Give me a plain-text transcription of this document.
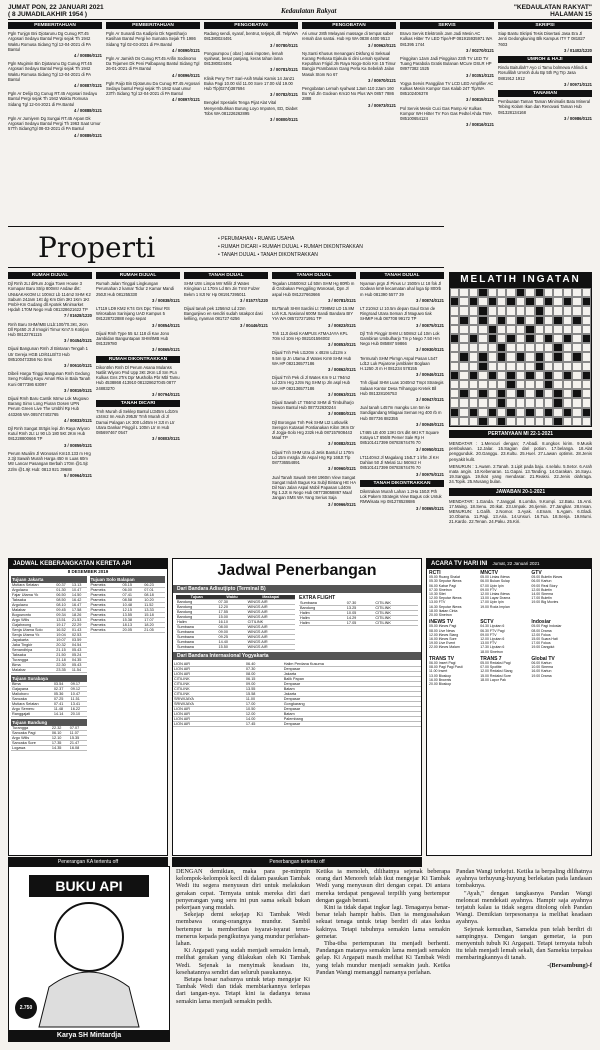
JUMAT PON, 22 JANUARI 2021
( 8 JUMADILAKHIR 1954 )	Kedaulatan Rakyat	"KEDAULATAN RAKYAT"
HALAMAN 15
PEMBERITAHUAN
Pgln Tunjgn Bni Djotarunu Dg Cunug RT.45 Argosari Sedayu Bantul Pergi sejak Th 1942 Waktu Romusa Sidang Tgl 12-04-2021 di PA Bantul
4 / 00886/0121
Pgln Mugimin Bin Djotarunu Dg Cunug RT.45 Argosari Sedayu Bantul Pergi sejak Th 1942 Waktu Romusa Sidang Tgl 12-04-2021 di PA Bantul
4 / 00887/0121
Pgln Ar Delijo Dg Cunug RT.45 Argosari Sedayu Bantul Pergi sejak Th 1942 Waktu Romusa Sidang Tgl 12-04-2021 di PA Bantul
4 / 00888/0121
Pgln Ar Jumiyem Dg Sungai RT.45 Arpan Dk Argosari Sedayu Bantul Pergi Th 1963 Saat Umur 57Th SidangTgl 08-03-2021 di PA Bantul
4 / 00889/0121
PEMBERITAHUAN
Pgln Ar Sunardi Da Kadiprio Dk Ngestiharjo Kasihan Bantul Pergi ke Sumatra Sejak Th 1986 Sidang Tgl 02-03-2021 di PA Bantul
4 / 00890/0121
Pgln Ar Jamish Ds Cunug RT.45 Arifin Sodinomo Da Tejamen Dk Peni Palbapang Bantul Sidang Tgl 26-01-2021 di PA Bantul
4 / 00896/0121
Pgln Paijo Bin Djotarunu Da Cunug RT.45 Argosari Sedayu bantul Pergi sejak Th 1942 saat umur 23Th Sidang Tgl 12-04-2021 di PA Bantul
4 / 00897/0121
PENGOBATAN
Radang sendi, syaraf, bentrut, terjepit, dll. Telp/WA 081380024491
3 / 00780/0121
Pongoumpou ( obat ) atasi impoten, lemah syahwat, besar panjang, keras tahan lama 081380024491
3 / 00781/0121
Klinik Peny THT Sari-Asih Mulai Kamis 14 Jan21 Buka Pagi 10.00 s/d 11.00 Sore 17.00 s/d 19.00 Hub Tlp(0274)387694
3 / 00782/0121
Bengkel Spesialis Tenga Pijat Alat Vital Menyembuhkan Burung Loyo Impoten, ED, Diabet Tobs WA 081226262895
3 / 00800/0121
PENGOBATAN
Ari umur 28th Melayani massage di tempat saber remah dan santai. Hub Hp WA 0838 4400 9513
3 / 00962/0121
Ny.Santi Khusus menangani Disfung si Seksual Kurang Perkasa Ejakula si dini Lemah syahwat Keputihan Frigid Jln Raya Nogo-Solo Km 15 Timur Bangjo Prambanan Gang Perla Ka Sebelah Jalan Masuk Stom No 67
3 / 00970/0121
Pengobatan Lemah syahwat 1Jam 110 2Jam 160 Bu Yuli Jln Godean Km10 No Plus WA 0857 7886 2888
3 / 00973/0121
SERVIS
Bravo Servis Elektronik Jam Jadi Mesin AC Kulkas Hitter TV LED Tipe/HP 081915935971 WA 081395 1744
3 / 00270/0121
Pinggiran 1Jam Jadi Pinggiran 23th TV LED TV Tuang Parabola Gratis Bulanan MCure DSLR HP 08977382 1525
3 / 00351/0121
Yogya Servis Panggilan TV LCD LED Amplifier AC Kulkas Mesin Kompor Gas Kalab 24T Tlp/WA 085102406378
3 / 00815/0121
Pol Servis Mesin Cuci Gas Pamp Air Kulkas Kompor WH Hitter TV Fon Gas Pedtel Ahda TWA 085100654124
3 / 00816/0121
SKRIPSI
Siap Bantu Skripsi Tesis Disertasi Jasa Era Jl Jenti Gedongkuning Blk Kampus ITY T 081827 7603
3 / 01402/1220
UMROH & HAJI
Rindu Baitullah? Ayo ci Tamu bolmewa Ahlindi & Rosulillah Umroh dulu Bp 5th Pg Trp Jasa 0881912 1912
3 / 00971/0121
TANAMAN
Pembuatan Taman Taman Minimalis Batu Mineral Tebing Kolam Ikan dan Renovasi Taman Hub 081328134168
3 / 00986/0121
Properti	• PERUMAHAN • RUANG USAHA
• RUMAH DICARI • RUMAH DIJUAL • RUMAH DIKONTRAKKAN
• TANAH DIJUAL • TANAH DIKONTRAKKAN
RUMAH DIJUAL
Djl Rmh 2Lt diRum Jogja Town House 3 Komapar Baru Strip 800mtr Andaw dkt: UNI&AKAKOM Lt 100m2 Lb 114m2 SHM K2 Saburn 24Jam 1Kt dg Km Dim 3Kt 1Km 1Kt Pmbl+Km Gudang dll Apotek Minimarket Hpdah 1T0M Nego Hub 081328621622 TP
7 / 01628/1220
Rmh Baru SHM/IMB LtLb:100/70.3Kt, 2Km Dll Rp450 Jt Jl Imogiri Timur Km7.5 Kotirjan Hub 08122761115
3 / 00454/0121
Dijual Bangunan Rmh Jl Bintaran Tengah 1 Utr Gereja HGB LD/61LB/73 Hub 085100473356 No Sms
3 / 00610/0121
Dibeli Harga Tinggi Bangunan Rmh Gedung Seng Folding Kayu Amari Rka in Bala Tanah Kuni 0877386 63097
3 / 00819/0121
Dijual Rmh Baru Cantik Istmw Lok Mugowo Barang Simo Long Piuran Dosen UPN Perum Green Live The Umbhl Rp Hub 443265 WA 085747402765
4 / 00833/0121
Djl Rmh Sangat Strtgis lepi Jln Raya Wiyoro Kutul Rmh 2Lt LI 90 Lb 180 5Kt 2Km Hub 081228800666 TP
3 / 00859/0121
Perum Mualim Jl Wonosari Km10.133 m Hrg 2.3jt Sawah Murah Harga 450 m Luas 60m Mtr Lancar Pasangan Berbah 170m @1.5jt 22lm @1.9jt Hub: 0813 921 39688
5 / 00964/0121
RUMAH DIJUAL
Rumah Jalan Tinggal Lingkungan Perumahan 2 kamar Tidur 2 Kamar Mandi 250Jt Hub 081255330
3 / 00838/0121
LT119 LD9 KM2 KT4 Grs Dpc Timur RS Wirosaban Sarinjang UAD Kampus 5 081228722888 nego sepat
3 / 00854/0121
Dijual Rmh Type 55 ILt 118 di Kav Jono Jambidan Banguntapan SHM/IMB Hub 081329780
3 / 00865/0121
RUMAH DIKONTRAKKAN
Dikontrkn Rmh Dl Perum Asana Mulanss Natliit Wiyoro Pnd Upp 3Kt 2Km Ltl Sm PLn Kulkas Gns 2Trs Dpr Musholla Pbr Mbl Tamu Hub 4538868 413910 081328627045 0877 24883270
3 / 00794/0121
TANAH DICARI
Tmh Murah di Seklep Bantul Lt345m Ld10m x34m2 Im Asuh 295Jtr Tmh Murah di Jl Damai Palagan LK 300 Ld45m H 3Jt m Ltr Utara Dankar Pinggil L 100m Ltr m Hub 085697467 0547
3 / 00803/0121
TANAH DIJUAL
SHM Utrn Limpa Mrr Mlilir Jl Wates Kringinan Lt 170m Ld 8m Jin Tmtr Fulzer Bekm 1 8Jt Nr Hp 081917395011
3 / 01577/1220
Dijual tanah pek 1256m2 Ld 22m Bangunjiwo en sendiri sudah ratakpot dasi kelliing, nyaman 081727 6256
3 / 00446/0121
TANAH DIJUAL
Tegalan Lt5500m2 Ld 50m SHM Hg 80Rb m di Grobakan Penggiling Wonosari, Dpn Jl aspal Hub 081227663666
3 / 00781/0121
BUTanah SHM Sardini Lt 7398M2 LD 15.8M Loh KJL Nasional 600M Sandi Bandara BIY YIA WA 085727271951 TP
3 / 00823/0121
Tnh 11Jt desti KAMPUS ATMAJAYA KPL 70m Id 10m Hp 082101594002
3 / 00853/0121
Dijual Tnh Pek Lt120m x 482m Ld12m x 9.5m Ip Jn Utama Jl Wates Km9 SHM Hub WA HP 082136577186
3 / 00862/0121
Dijual Tnh Pek di Jl Wates Km 9 Lt 794m2 Ld 22m Hrg 2Jtm Ng SHM Ip Jln aspl Hub WA HP 082136577186
3 / 00863/0121
Dijual Sawah LT 784m2 SHM di Timbulharjo Sewon Bantul Hub 087722630244
3 / 00880/0121
Djl Borongan Tnh Pek SHM Lt2 Lotkavlik Seregon Kutasari Pontianakan Kilon 3Km Dr Jl Jogja-Solo Hrg 232k Hub 087157808443 Maaf TP
3 / 00882/0121
Dijual Tnh SHM Utra di Jetis Bantul Lt 170m Ld 15m msrgla Jln Aspal Hrg Rp 168Jt Tlp 087736554891
3 / 00960/0121
Jual Tanah Sawah SHM 1960m View Sangat Sangat Indah Bagus Ka Subjl Bintang HE HA Dil Nan Jalan Aspal Mobil Papasan Ld40m Rg 1.2Jt m Nego Hub 087738058867 Maaf Jangan SMS WA Yang Serius Saja
3 / 00966/0121
TANAH DIJUAL
Nyaman prgn Jl Pinus Lr 1500m Lt 18 fok Jl Godean km9 kecamatan ahal loga tip 800rb m Hub 081390 5577 39
3 / 00874/0121
LT 210m2 Lt 10.5m depan Gaul Gran de Ringroad Utara Seman Jl Maguwo tiak SHMIP Hub 087708 99172 TP
3 / 00875/0121
Djl Tnh Pinggir SHM Lt 508m2 Ld 10m Lok Gambiran Umbulharjo Tm p Nego 7.50 Hm Nego Hub 085887 59866
3 / 00930/0121
Termurah SHM Pkrngn Aspal Pasan L547 Ld12 Luk Pajarone jamblaler Boglaan H.1250 Jt m H 081234 578155
3 / 00946/0121
Tnh dijual SHM Luas 1040m2 Tmpt Strategis Salaan Kantor Desa Trihanggo Kretek Bll Hub 081328106753
3 / 00947/0121
Jual tanah L457m mangku Lnn 5m ke Sandigandang Mlagaai Seman Hg 400 rb m Hub 087736 882355
3 / 00949/0121
LT465 LB 400 13Kt Grs dkt 6Kt KT Square Kotaya LT 656/8 Pemer Sale Rp H 085101417399 08783674476 70
3 / 00950/0121
LT1140m2 Jl Magalang 154LT 1 lrfm Jl KH Dahlan 50 Jl Melati 1LI 560m2 H 085101417399 08783674476 70
3 / 00975/0121
TANAH DIKONTRAKKAN
Dikntrakan Murah Lahan 1.2Ha 150Jt Pth Lok Pakem Strategis View Bagus cok Untuk RMWisata Hp 081278528686
3 / 00865/0121
MELATIH INGATAN
PERTANYAAN MI 22-1-2021
MENDATAR : 1.Mencuri dengan; 7.Abadi. 8.ongkos kirim. 9.Musik pembukaan. 12.Jalar. 15.Sagian dari potion. 17.belanga. 18.Alat penggunduk. 20.Ganggu. 23.Kultu. 25.Huel. 27.Lawan optimis. 28.Jenis penyakit kulit.
MENURUN : 1.Awam. 2.Tanah. 3.Lipit pada baju. 4.selalu. 5.Setor. 6.Arah mata angin. 10.Kebenaran. 11.Gapai. 13.Tanding. 14.Garakan. 16.Sayu. 19.Sangga. 19.Ikat yang mendasar. 21.Reaksi. 22.Jenis olahraga. 24.Topik. 25.Musang bulan.
JAWABAN 20-1-2021
MENDATAR: 1.Ganda. 7.Janggal. 8.Lomba. 9.Kompi. 12.Batu. 15.Anti. 17.Maing. 18.Senu. 20.Ikat. 23.Umpak. 26.Ijemin. 27.Jangkar. 28.Insan. MENURUN: 1.Galih. 2.Nomor. 3.Ayak. 4.Enam. 5.Agam. 6.Gladi. 10.Obama. 11.Pagi. 13.Aria. 14.Unsuri. 16.Tua. 18.Senja. 19.Mumi. 21.Kardo. 22.Tenan. 24.Paku. 25.Kiri.
JADWAL KEBERANGKATAN KERETA API
8 DESEMBER 2019
Tujuan Jakarta
Mutiara Selatan	00.37	13.13
Argolawu	01.30	10.47
Fajar Utama Yk	06.50	14.50
Taksaka	08.50	16.42
Argolawu	08.10	16.47
Malabar	09.45	17.58
Bogowonto	09.34	18.26
Argo Wilis	13.51	21.53
Gajahwong	19.17	22.29
Senja Utama Solo	16.52	01.43
Senja Utama Yk	19.04	02.53
Jayakarta	19.07	03.59
Jaka Tingkir	20.32	04.54
Senandhiya	21.15	05.43
Taksaka	21.50	05.24
Turangga	21.18	04.35
Bima	22.30	05.43
Malabar	23.35	11.54
Tujuan Surabaya
Bima	03.54	09.17
Gajayana	02.37	09.12
Malioboro	05.36	10.47
Sancaka	07.25	11.51
Mutiara Selatan	07.41	13.41
Argo Semeru	11.48	16.22
Ranggajati	14.14	20.10
Tujuan Bandung
Turangga	22.32	07.07
Sancaka Pagi	06.10	11.07
Argo Wilis	12.10	15.35
Sancaka Sore	17.35	21.47
Logawa	14.35	16.08
Tujuan Solo Balapan
Prameks	05.15	06.23
Prameks	06.00	07.01
Prameks	07.41	08.18
Prameks	08.58	10.20
Prameks	10.48	11.52
Prameks	12.15	13.33
Prameks	13.55	15.18
Prameks	15.38	17.07
Prameks	18.13	18.20
Prameks	20.05	21.05
Penerangan KA tertentu off
Jadwal Penerbangan
Dari Bandara Adisutjipto (Terminal B)
Tujuan	Waktu	Maskapai
Bandung	07.30	WINGS AIR
Bandung	12.20	WINGS AIR
Bandung	17.55	WINGS AIR
Bandung	15.00	WINGS AIR
Halim	16.10	CITILINK
Sumbawa	08.00	WINGS AIR
Sumbawa	09.00	WINGS AIR
Sumbawa	09.25	WINGS AIR
Sumbawa	14.40	WINGS AIR
Sumbawa	15.50	WINGS AIR
EXTRA FLIGHT
Sumbawa	07.30	CITILINK
Bandung	13.25	CITILINK
Halim	10.05	CITILINK
Halim	14.29	CITILINK
Halim	17.05	CITILINK
Dari Bandara Internasional Yogyakarta
LION AIR	06.40	Halim Perdana Kusuma
LION AIR	07.30	Denpasar
LION AIR	08.00	Jakarta
CITILINK	06.15	Balik Papan
CITILINK	09.00	Denpasar
CITILINK	13.55	Batam
CITILINK	15.58	Jakarta
SRIWIJAYA	11.00	Denpasar
SRIWIJAYA	17.00	Gongkarang
LION AIR	10.50	Denpasar
LION AIR	12.00	Batam
LION AIR	14.00	Palembang
LION AIR	17.45	Denpasar
Penerbangan tertentu off
ACARA TV HARI INI Jumat, 22 Januari 2021
RCTI
05.00 Ruang Shalat
05.30 Seputar iNews
06.00 Kabar Pagi
07.30 Sinetron
10.30 Silet
12.00 Seputar iNews
13.00 FTV
16.30 Seputar iNews
18.00 Ikatan Cinta
20.00 Sinetron
MNCTV
05.00 Lintas iNews
06.00 Bukan Sulap
07.00 Upin Ipin
09.00 FTV
12.00 Lintas iNews
13.00 Layar Drama
17.00 Upin Ipin
19.00 Roda Impian
GTV
05.00 Buletin iNews
06.00 Kartun
09.00 Real Story
12.00 Buletin
14.00 Sinema
17.00 Buletin
19.00 Big Movies
iNEWS TV
05.00 iNews Pagi
08.00 Live News
12.00 iNews Siang
16.00 iNews Sore
19.00 Live Event
22.00 iNews Malam
SCTV
04.30 Liputan 6
06.30 FTV Pagi
09.00 FTV
12.00 Liputan 6
13.00 FTV
17.30 Liputan 6
18.00 Sinetron
Indosiar
05.00 Pagi Indosiar
08.00 Drama
12.00 Fokus
15.00 Suara Hati
17.00 Fokus
19.00 Dangdut
TRANS TV
06.00 Insert Pagi
08.00 Pagi Pagi Pasti
11.00 Insert
13.00 Bioskop
16.00 Brownis
20.00 Bioskop
TRANS 7
05.00 Redaksi Pagi
07.00 Spotlite
12.00 Redaksi Siang
15.00 Redaksi Sore
18.00 Lapor Pak
Global TV
06.00 Kartun
10.00 Sinema
16.00 Kartun
19.00 Drama
BUKU API
2.750
Karya SH Mintardja

DENGAN demikian, maka para pe-mimpin kelompok-kelompok kecil di dalam pasukan Tambak Wedi itu segera menyusun diri untuk melakukan gerakan cepat. Ternyata untuk mereka diri dari penyerangan yang seru ini pun sama sekali bukan pekerjaan yang mudah.

Sekejap demi sekejap Ki Tambak Wedi membawa orang-orangnya mundur. Sambil bertempur ia memberikan isyarat-isyarat terus-menerus kepada pengikutnya yang mundur perlahan-lahan.

Ki Argapati yang sudah menjadi semakin lemah, melihat gerakan yang dilakukan oleh Ki Tambak Wedi. Sejenak ia menyimak keadaan itu, kesehatannya sendiri dan seluruh pasukannya.

Betapa besar nafsunya untuk tetap mengejar Ki Tambak Wedi dan tidak membiarkannya terlepas dari tangan-nya. Tetapi kini ia dadanya terasa semakin lama menjadi semakin pedih.

Ketika ia menoleh, dilihatnya sejenak beberapa orang dari Menoreh telah ikut mengejar Ki Tambak Wedi yang menyusun diri dengan cepat. Di antara mereka terdapat pengawal terpilih yang bertempur dengan gagah berani.

Kini ia tidak dapat ingkar lagi. Tenaganya benar-benar telah hampir habis. Dan ia mengusahakan sekuat tenaga untuk tetap berdiri di atas kedua kakinya. Tetapi tubuhnya semakin lama semakin gemetar.

Tiba-tiba pertempuran itu menjadi berhenti. Pandangan matanya semakin lama menjadi semakin gelap. Ki Argapati masih melihat Ki Tambak Wedi yang telah mundur menjadi semakin jauh. Ketika Pandan Wangi memanggil namanya perlahan.

Pandan Wangi terkejut. Ketika ia berpaling dilihatnya ayahnya terhuyung-huyung berlekatan pada landasan tombaknya.

"Ayah," dengan tangkasnya Pandan Wangi meloncat mendekati ayahnya. Hampir saja ayahnya terjatuh kalau ia tidak segera ditolong oleh Pandan Wangi. Demikian terpesonanya ia melihat keadaan ayahnya.

Sejenak kemudian, Samekta pun telah berdiri di sampingnya. Dengan tangan gemetar, ia pun menyentuh tubuh Ki Argapati. Tetapi ternyata tubuh itu telah menjadi lemah sekali, dan Samekta terpaksa membaringkannya di tanah.

-(Bersambung)-f
